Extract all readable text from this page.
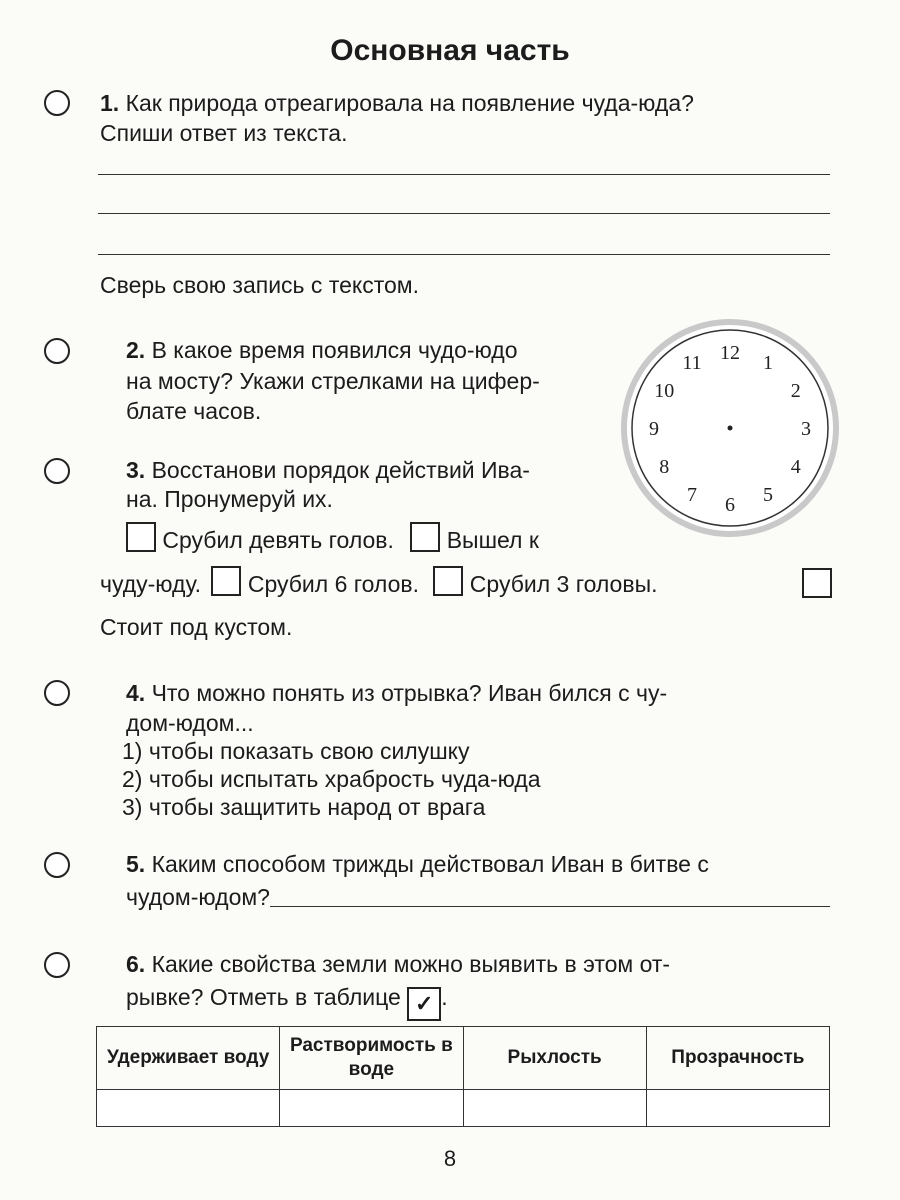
Основная часть
1. Как природа отреагировала на появление чуда-юда?
Спиши ответ из текста.
Сверь свою запись с текстом.
2. В какое время появился чудо-юдо
на мосту? Укажи стрелками на цифер-
блате часов.
12 1
2
3
4
5
6
7
8
9
10
11
3. Восстанови порядок действий Ива-
на. Пронумеруй их.
Срубил девять голов. Вышел к
чуду-юду. Срубил 6 голов. Срубил 3 головы.
Стоит под кустом.
4. Что можно понять из отрывка? Иван бился с чу-
дом-юдом...
1) чтобы показать свою силушку
2) чтобы испытать храбрость чуда-юда
3) чтобы защитить народ от врага
5. Каким способом трижды действовал Иван в битве с
чудом-юдом?
6. Какие свойства земли можно выявить в этом от-
рывке? Отметь в таблице ✓ .
Удерживает воду	Растворимость в воде	Рыхлость	Прозрачность

8
